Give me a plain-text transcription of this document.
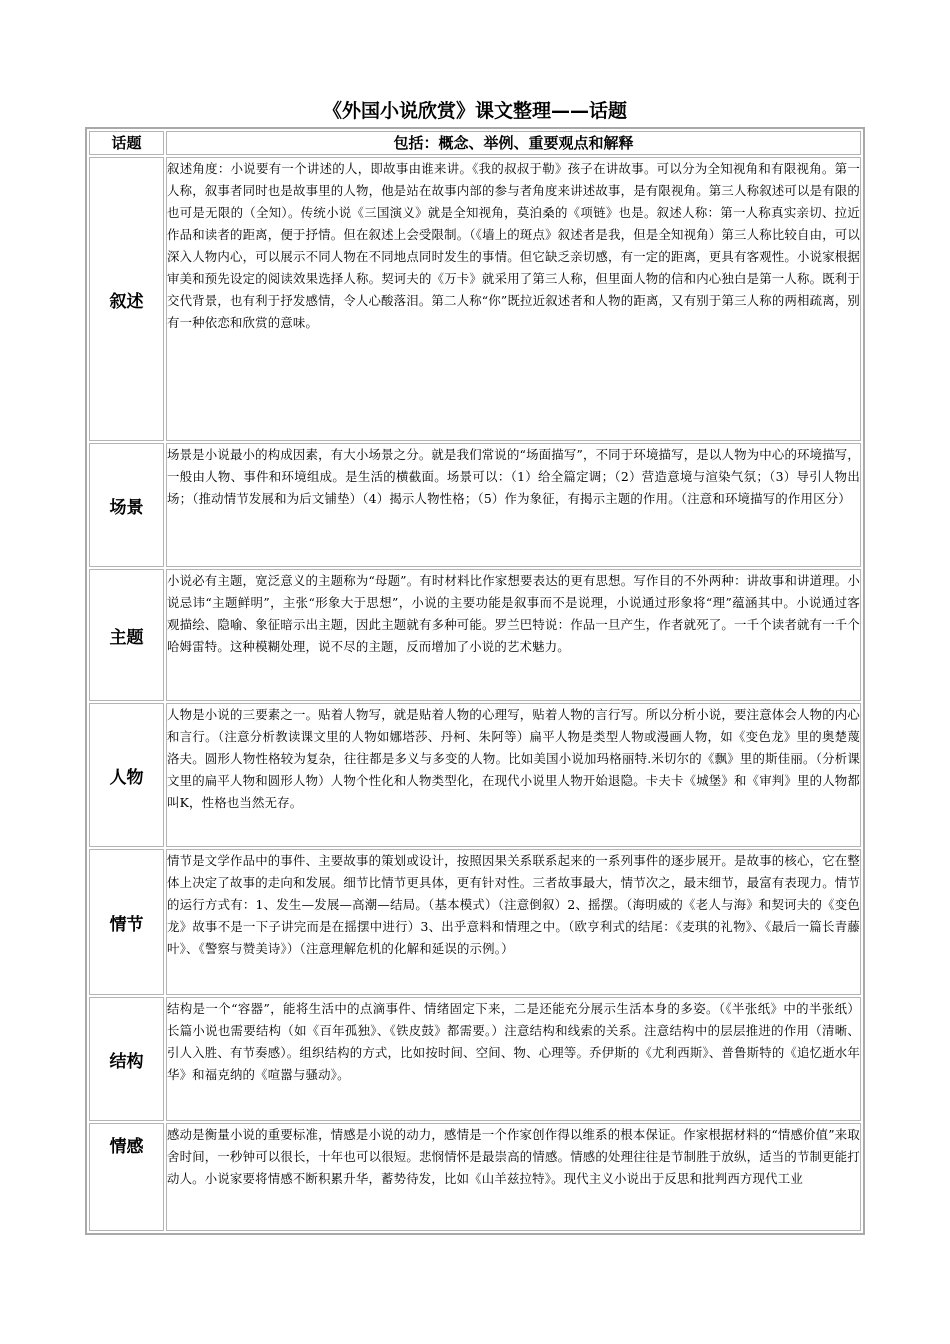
《外国小说欣赏》课文整理——话题
话题	包括：概念、举例、重要观点和解释
叙述	叙述角度：小说要有一个讲述的人，即故事由谁来讲。《我的叔叔于勒》孩子在讲故事。可以分为全知视角和有限视角。第一人称，叙事者同时也是故事里的人物，他是站在故事内部的参与者角度来讲述故事，是有限视角。第三人称叙述可以是有限的也可是无限的（全知）。传统小说《三国演义》就是全知视角，莫泊桑的《项链》也是。叙述人称：第一人称真实亲切、拉近作品和读者的距离，便于抒情。但在叙述上会受限制。（《墙上的斑点》叙述者是我，但是全知视角）第三人称比较自由，可以深入人物内心，可以展示不同人物在不同地点同时发生的事情。但它缺乏亲切感，有一定的距离，更具有客观性。小说家根据审美和预先设定的阅读效果选择人称。契诃夫的《万卡》就采用了第三人称，但里面人物的信和内心独白是第一人称。既利于交代背景，也有利于抒发感情，令人心酸落泪。第二人称“你”既拉近叙述者和人物的距离，又有别于第三人称的两相疏离，别有一种依恋和欣赏的意味。
场景	场景是小说最小的构成因素，有大小场景之分。就是我们常说的“场面描写”，不同于环境描写，是以人物为中心的环境描写，一般由人物、事件和环境组成。是生活的横截面。场景可以：（1）给全篇定调；（2）营造意境与渲染气氛；（3）导引人物出场；（推动情节发展和为后文铺垫）（4）揭示人物性格；（5）作为象征，有揭示主题的作用。（注意和环境描写的作用区分）
主题	小说必有主题，宽泛意义的主题称为“母题”。有时材料比作家想要表达的更有思想。写作目的不外两种：讲故事和讲道理。小说忌讳“主题鲜明”，主张“形象大于思想”，小说的主要功能是叙事而不是说理，小说通过形象将“理”蕴涵其中。小说通过客观描绘、隐喻、象征暗示出主题，因此主题就有多种可能。罗兰巴特说：作品一旦产生，作者就死了。一千个读者就有一千个哈姆雷特。这种模糊处理，说不尽的主题，反而增加了小说的艺术魅力。
人物	人物是小说的三要素之一。贴着人物写，就是贴着人物的心理写，贴着人物的言行写。所以分析小说，要注意体会人物的内心和言行。（注意分析教读课文里的人物如娜塔莎、丹柯、朱阿等）扁平人物是类型人物或漫画人物，如《变色龙》里的奥楚蔑洛夫。圆形人物性格较为复杂，往往都是多义与多变的人物。比如美国小说加玛格丽特.米切尔的《飘》里的斯佳丽。（分析课文里的扁平人物和圆形人物）人物个性化和人物类型化，在现代小说里人物开始退隐。卡夫卡《城堡》和《审判》里的人物都叫K，性格也当然无存。
情节	情节是文学作品中的事件、主要故事的策划或设计，按照因果关系联系起来的一系列事件的逐步展开。是故事的核心，它在整体上决定了故事的走向和发展。细节比情节更具体，更有针对性。三者故事最大，情节次之，最末细节，最富有表现力。情节的运行方式有：1、发生—发展—高潮—结局。（基本模式）（注意倒叙）2、摇摆。（海明威的《老人与海》和契诃夫的《变色龙》故事不是一下子讲完而是在摇摆中进行）3、出乎意料和情理之中。（欧亨利式的结尾：《麦琪的礼物》、《最后一篇长青藤叶》、《警察与赞美诗》）（注意理解危机的化解和延误的示例。）
结构	结构是一个“容器”，能将生活中的点滴事件、情绪固定下来，二是还能充分展示生活本身的多姿。（《半张纸》中的半张纸）长篇小说也需要结构（如《百年孤独》、《铁皮鼓》都需要。）注意结构和线索的关系。注意结构中的层层推进的作用（清晰、引人入胜、有节奏感）。组织结构的方式，比如按时间、空间、物、心理等。乔伊斯的《尤利西斯》、普鲁斯特的《追忆逝水年华》和福克纳的《喧嚣与骚动》。
情感	感动是衡量小说的重要标准，情感是小说的动力，感情是一个作家创作得以维系的根本保证。作家根据材料的“情感价值”来取舍时间，一秒钟可以很长，十年也可以很短。悲悯情怀是最崇高的情感。情感的处理往往是节制胜于放纵，适当的节制更能打动人。小说家要将情感不断积累升华，蓄势待发，比如《山羊兹拉特》。现代主义小说出于反思和批判西方现代工业
